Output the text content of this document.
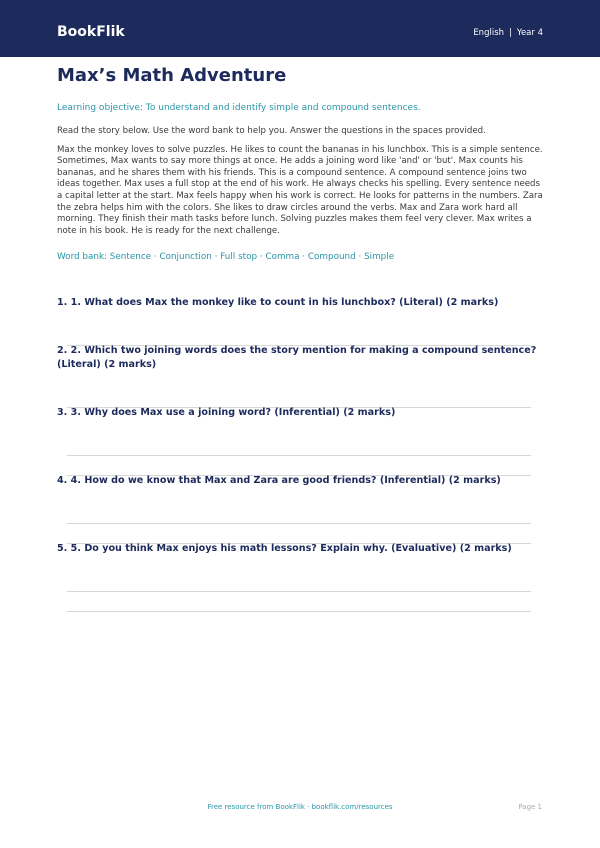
BookFlik	English | Year 4
Max’s Math Adventure
Learning objective: To understand and identify simple and compound sentences.
Read the story below. Use the word bank to help you. Answer the questions in the spaces provided.
Max the monkey loves to solve puzzles. He likes to count the bananas in his lunchbox. This is a simple sentence. Sometimes, Max wants to say more things at once. He adds a joining word like 'and' or 'but'. Max counts his bananas, and he shares them with his friends. This is a compound sentence. A compound sentence joins two ideas together. Max uses a full stop at the end of his work. He always checks his spelling. Every sentence needs a capital letter at the start. Max feels happy when his work is correct. He looks for patterns in the numbers. Zara the zebra helps him with the colors. She likes to draw circles around the verbs. Max and Zara work hard all morning. They finish their math tasks before lunch. Solving puzzles makes them feel very clever. Max writes a note in his book. He is ready for the next challenge.
Word bank: Sentence · Conjunction · Full stop · Comma · Compound · Simple
1. 1. What does Max the monkey like to count in his lunchbox? (Literal) (2 marks)
2. 2. Which two joining words does the story mention for making a compound sentence? (Literal) (2 marks)
3. 3. Why does Max use a joining word? (Inferential) (2 marks)
4. 4. How do we know that Max and Zara are good friends? (Inferential) (2 marks)
5. 5. Do you think Max enjoys his math lessons? Explain why. (Evaluative) (2 marks)
Free resource from BookFlik · bookflik.com/resources	Page 1
